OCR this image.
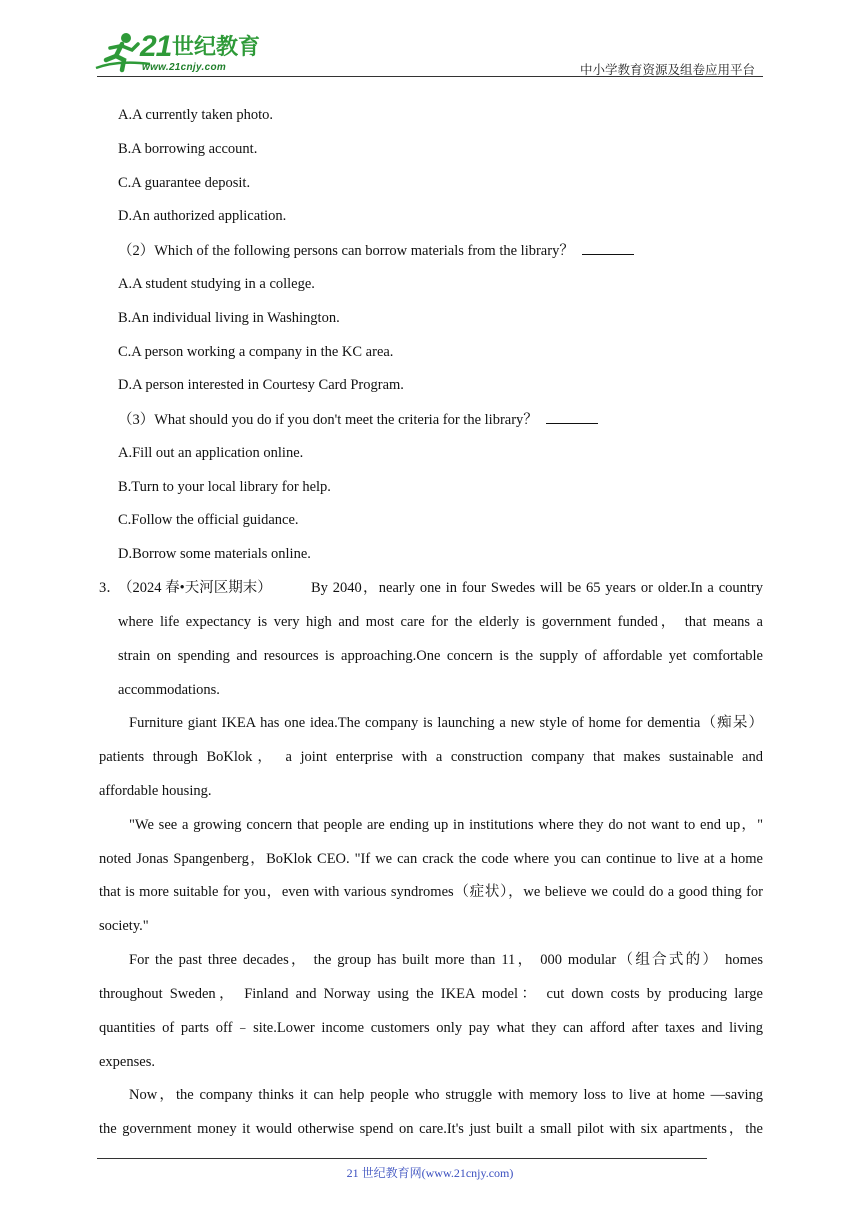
21 世纪教育
www.21cnjy.com	中小学教育资源及组卷应用平台
A.A currently taken photo.
B.A borrowing account.
C.A guarantee deposit.
D.An authorized application.
（2）Which of the following persons can borrow materials from the library？
A.A student studying in a college.
B.An individual living in Washington.
C.A person working a company in the KC area.
D.A person interested in Courtesy Card Program.
（3）What should you do if you don't meet the criteria for the library？
A.Fill out an application online.
B.Turn to your local library for help.
C.Follow the official guidance.
D.Borrow some materials online.
3．
（2024 春•天河区期末）	By 2040，nearly one in four Swedes will be 65 years or older.In a country
where life expectancy is very high and most care for the elderly is government funded， that means a
strain on spending and resources is approaching.One concern is the supply of affordable yet comfortable
accommodations.
Furniture giant IKEA has one idea.The company is launching a new style of home for dementia（痴呆）
patients through BoKlok， a joint enterprise with a construction company that makes sustainable and
affordable housing.
"We see a growing concern that people are ending up in institutions where they do not want to end up，"
noted Jonas Spangenberg，BoKlok CEO. "If we can crack the code where you can continue to live at a home
that is more suitable for you，even with various syndromes（症状），we believe we could do a good thing for
society."
For the past three decades， the group has built more than 11， 000 modular（组合式的） homes
throughout Sweden， Finland and Norway using the IKEA model： cut down costs by producing large
quantities of parts off﹣site.Lower income customers only pay what they can afford after taxes and living
expenses.
Now，the company thinks it can help people who struggle with memory loss to live at home —saving
the government money it would otherwise spend on care.It's just built a small pilot with six apartments，the
21 世纪教育网(www.21cnjy.com)
